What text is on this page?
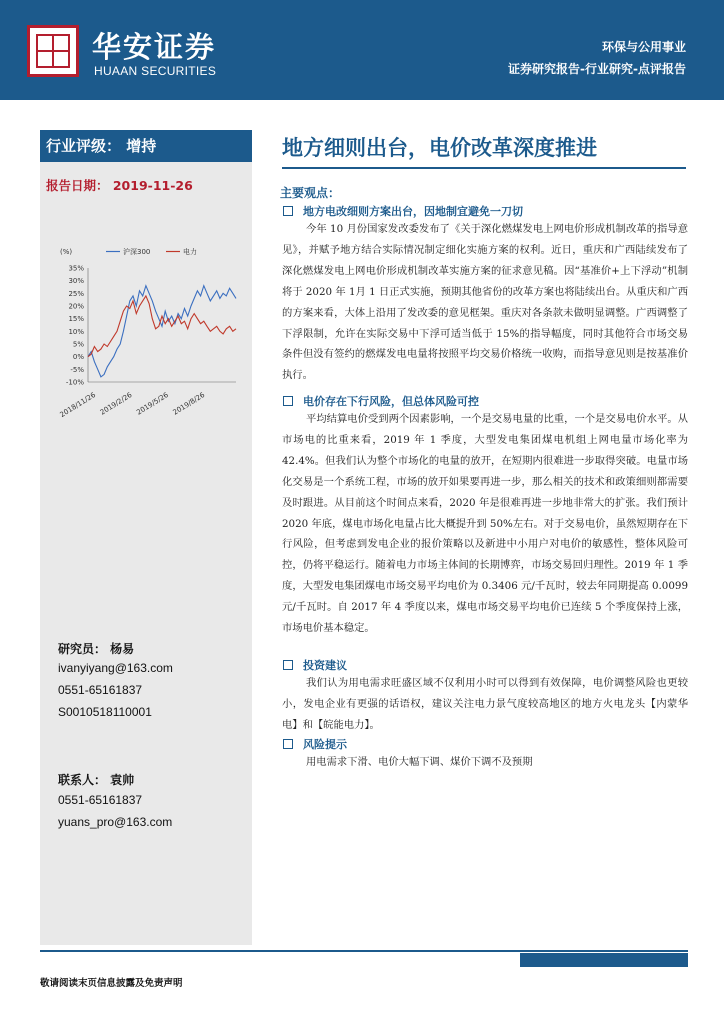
华安证券
HUAAN SECURITIES
环保与公用事业
证券研究报告-行业研究-点评报告
行业评级： 增持
报告日期： 2019-11-26
(%)
35%
30%
25%
20%
15%
10%
5%
0%
-5%
-10%
2018/11/26 2019/2/26 2019/5/26 2019/8/26
沪深300	电力
研究员： 杨易
ivanyiyang@163.com
0551-65161837
S0010518110001
联系人： 袁帅
0551-65161837
yuans_pro@163.com
地方细则出台，电价改革深度推进
主要观点：
地方电改细则方案出台，因地制宜避免一刀切
今年 10 月份国家发改委发布了《关于深化燃煤发电上网电价形成机制改革的指导意见》，并赋予地方结合实际情况制定细化实施方案的权利。近日，重庆和广西陆续发布了深化燃煤发电上网电价形成机制改革实施方案的征求意见稿。因“基准价+上下浮动”机制将于 2020 年 1月 1 日正式实施，预期其他省份的改革方案也将陆续出台。从重庆和广西的方案来看，大体上沿用了发改委的意见框架。重庆对各条款未做明显调整。广西调整了下浮限制，允许在实际交易中下浮可适当低于 15%的指导幅度，同时其他符合市场交易条件但没有签约的燃煤发电电量将按照平均交易价格统一收购，而指导意见则是按基准价执行。
电价存在下行风险，但总体风险可控
平均结算电价受到两个因素影响，一个是交易电量的比重，一个是交易电价水平。从市场电的比重来看，2019 年 1 季度，大型发电集团煤电机组上网电量市场化率为 42.4%。但我们认为整个市场化的电量的放开，在短期内很难进一步取得突破。电量市场化交易是一个系统工程，市场的放开如果要再进一步，那么相关的技术和政策细则都需要及时跟进。从目前这个时间点来看，2020 年是很难再进一步地非常大的扩张。我们预计 2020 年底，煤电市场化电量占比大概提升到 50%左右。对于交易电价，虽然短期存在下行风险，但考虑到发电企业的报价策略以及新进中小用户对电价的敏感性，整体风险可控，仍将平稳运行。随着电力市场主体间的长期博弈，市场交易回归理性。2019 年 1 季度，大型发电集团煤电市场交易平均电价为 0.3406 元/千瓦时，较去年同期提高 0.0099元/千瓦时。自 2017 年 4 季度以来，煤电市场交易平均电价已连续 5 个季度保持上涨，市场电价基本稳定。
投资建议
我们认为用电需求旺盛区域不仅利用小时可以得到有效保障，电价调整风险也更较小，发电企业有更强的话语权，建议关注电力景气度较高地区的地方火电龙头【内蒙华电】和【皖能电力】。
风险提示
用电需求下滑、电价大幅下调、煤价下调不及预期
敬请阅读末页信息披露及免责声明
